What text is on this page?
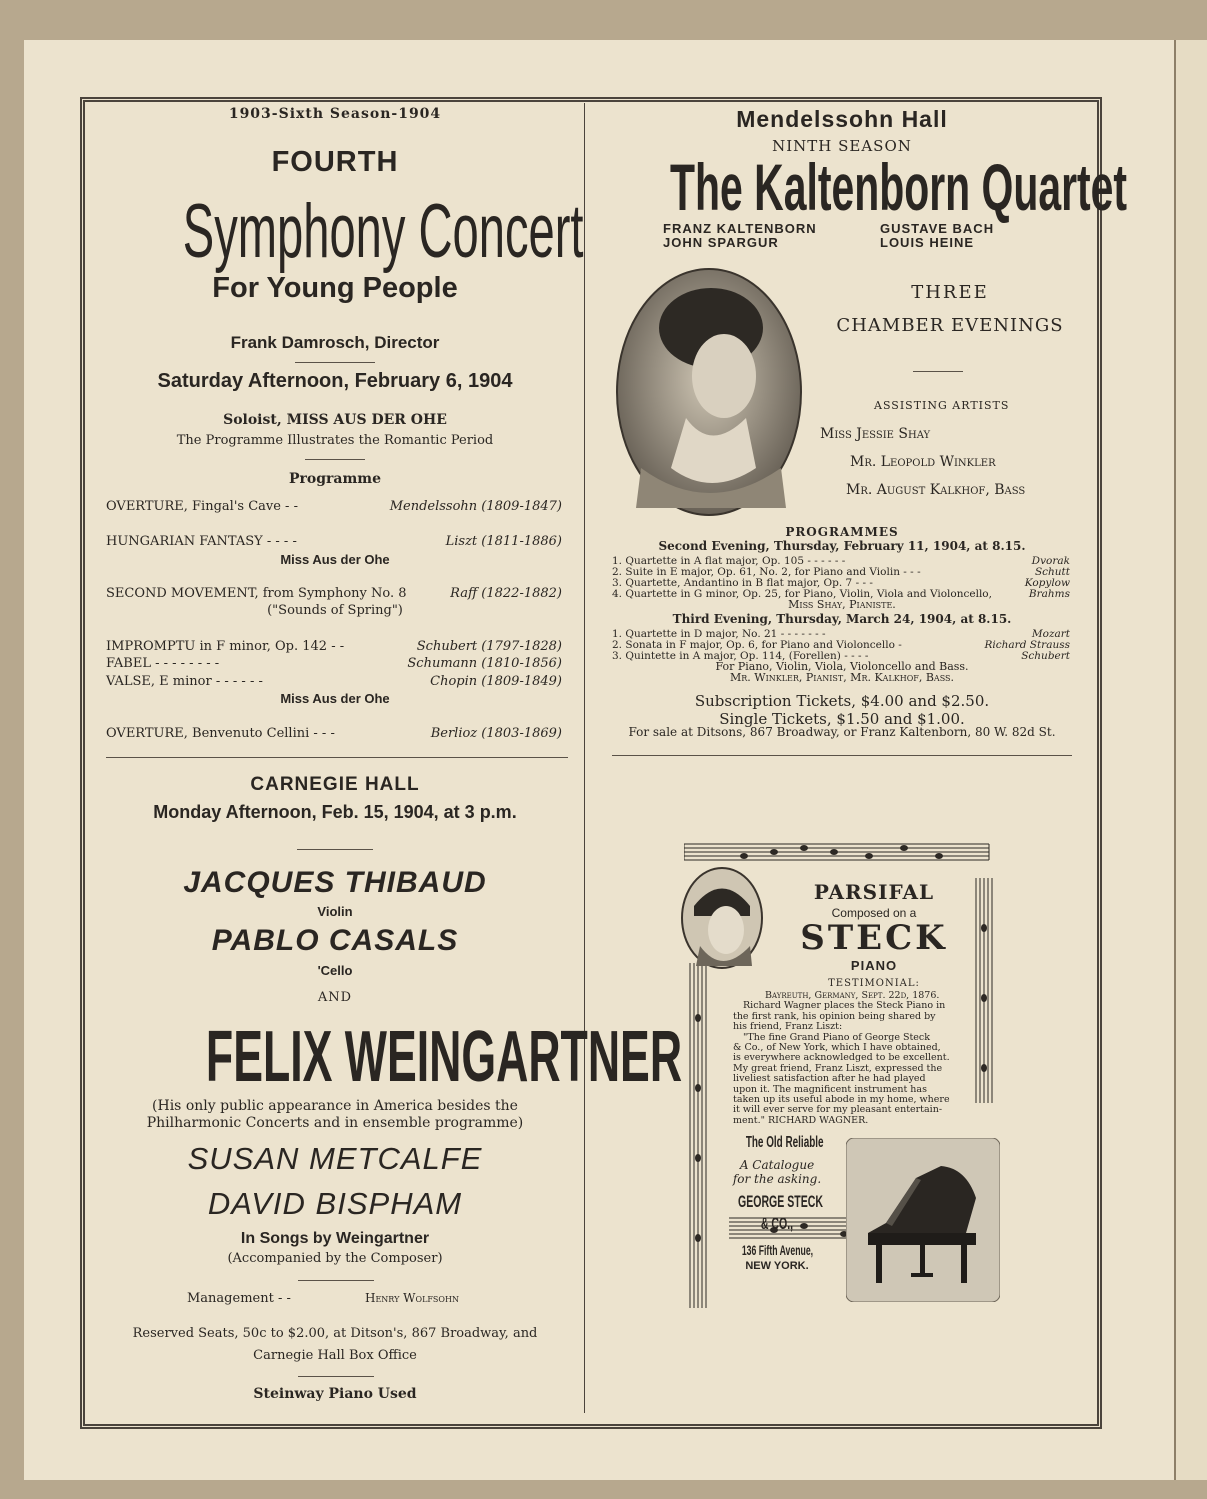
1903-Sixth Season-1904
FOURTH
Symphony Concert
For Young People
Frank Damrosch, Director
Saturday Afternoon, February 6, 1904
Soloist, MISS AUS DER OHE
The Programme Illustrates the Romantic Period
Programme
OVERTURE, Fingal's Cave - -	Mendelssohn (1809-1847)
HUNGARIAN FANTASY - - - -	Liszt (1811-1886)
Miss Aus der Ohe
SECOND MOVEMENT, from Symphony No. 8	Raff (1822-1882)
("Sounds of Spring")
IMPROMPTU in F minor, Op. 142 - -	Schubert (1797-1828)
FABEL - - - - - - - -	Schumann (1810-1856)
VALSE, E minor - - - - - -	Chopin (1809-1849)
Miss Aus der Ohe
OVERTURE, Benvenuto Cellini - - -	Berlioz (1803-1869)
CARNEGIE HALL
Monday Afternoon, Feb. 15, 1904, at 3 p.m.
JACQUES THIBAUD
Violin
PABLO CASALS
'Cello
AND
FELIX WEINGARTNER
(His only public appearance in America besides the
Philharmonic Concerts and in ensemble programme)
SUSAN METCALFE
DAVID BISPHAM
In Songs by Weingartner
(Accompanied by the Composer)
Management - -	Henry Wolfsohn
Reserved Seats, 50c to $2.00, at Ditson's, 867 Broadway, and
Carnegie Hall Box Office
Steinway Piano Used
Mendelssohn Hall
NINTH SEASON
The Kaltenborn Quartet
FRANZ KALTENBORN	GUSTAVE BACH
JOHN SPARGUR	LOUIS HEINE
THREE
CHAMBER EVENINGS
ASSISTING ARTISTS
Miss Jessie Shay
Mr. Leopold Winkler
Mr. August Kalkhof, Bass
PROGRAMMES
Second Evening, Thursday, February 11, 1904, at 8.15.
1. Quartette in A flat major, Op. 105 - - - - - -	Dvorak
2. Suite in E major, Op. 61, No. 2, for Piano and Violin - - -	Schutt
3. Quartette, Andantino in B flat major, Op. 7 - - -	Kopylow
4. Quartette in G minor, Op. 25, for Piano, Violin, Viola and Violoncello,	Brahms
Miss Shay, Pianiste.
Third Evening, Thursday, March 24, 1904, at 8.15.
1. Quartette in D major, No. 21 - - - - - - -	Mozart
2. Sonata in F major, Op. 6, for Piano and Violoncello -	Richard Strauss
3. Quintette in A major, Op. 114, (Forellen) - - - -	Schubert
For Piano, Violin, Viola, Violoncello and Bass.
Mr. Winkler, Pianist, Mr. Kalkhof, Bass.
Subscription Tickets, $4.00 and $2.50.
Single Tickets, $1.50 and $1.00.
For sale at Ditsons, 867 Broadway, or Franz Kaltenborn, 80 W. 82d St.
PARSIFAL
Composed on a
STECK
PIANO
TESTIMONIAL:
Bayreuth, Germany, Sept. 22d, 1876.
Richard Wagner places the Steck Piano in
the first rank, his opinion being shared by
his friend, Franz Liszt:
"The fine Grand Piano of George Steck
& Co., of New York, which I have obtained,
is everywhere acknowledged to be excellent.
My great friend, Franz Liszt, expressed the
liveliest satisfaction after he had played
upon it. The magnificent instrument has
taken up its useful abode in my home, where
it will ever serve for my pleasant entertain-
ment." RICHARD WAGNER.
The Old Reliable
A Catalogue
for the asking.
GEORGE STECK
& CO.,
136 Fifth Avenue,
NEW YORK.
